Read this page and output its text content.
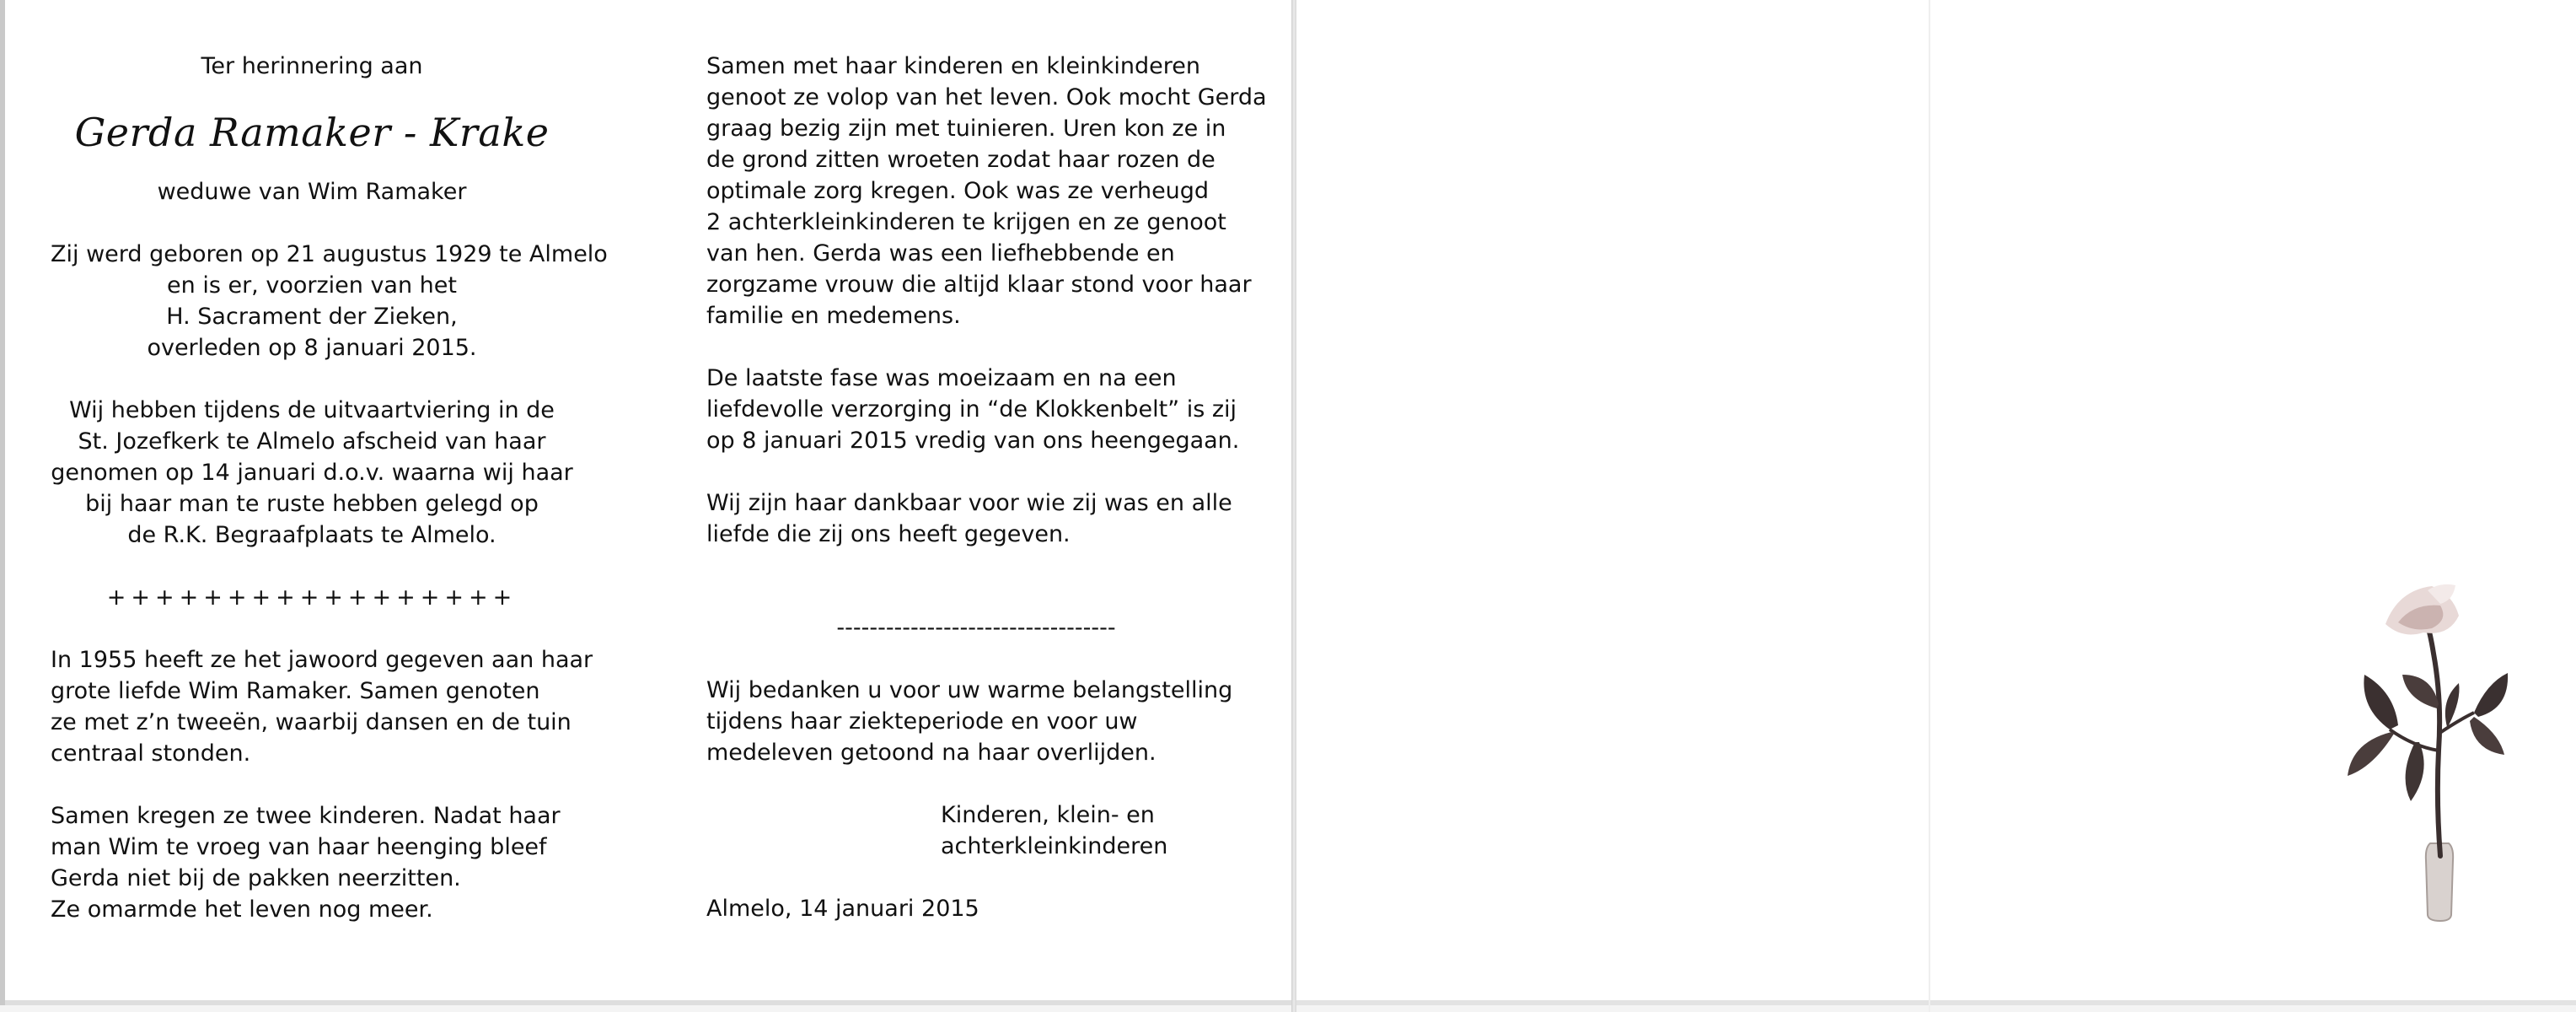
Ter herinnering aan
Gerda Ramaker - Krake
weduwe van Wim Ramaker
Zij werd geboren op 21 augustus 1929 te Almelo
en is er, voorzien van het
H. Sacrament der Zieken,
overleden op 8 januari 2015.
Wij hebben tijdens de uitvaartviering in de
St. Jozefkerk te Almelo afscheid van haar
genomen op 14 januari d.o.v. waarna wij haar
bij haar man te ruste hebben gelegd op
de R.K. Begraafplaats te Almelo.
+++++++++++++++++
In 1955 heeft ze het jawoord gegeven aan haar
grote liefde Wim Ramaker. Samen genoten
ze met z’n tweeën, waarbij dansen en de tuin
centraal stonden.
Samen kregen ze twee kinderen. Nadat haar
man Wim te vroeg van haar heenging bleef
Gerda niet bij de pakken neerzitten.
Ze omarmde het leven nog meer.
Samen met haar kinderen en kleinkinderen
genoot ze volop van het leven. Ook mocht Gerda
graag bezig zijn met tuinieren. Uren kon ze in
de grond zitten wroeten zodat haar rozen de
optimale zorg kregen. Ook was ze verheugd
2 achterkleinkinderen te krijgen en ze genoot
van hen. Gerda was een liefhebbende en
zorgzame vrouw die altijd klaar stond voor haar
familie en medemens.
De laatste fase was moeizaam en na een
liefdevolle verzorging in “de Klokkenbelt” is zij
op 8 januari 2015 vredig van ons heengegaan.
Wij zijn haar dankbaar voor wie zij was en alle
liefde die zij ons heeft gegeven.
----------------------------------
Wij bedanken u voor uw warme belangstelling
tijdens haar ziekteperiode en voor uw
medeleven getoond na haar overlijden.
Kinderen, klein- en
achterkleinkinderen
Almelo, 14 januari 2015
